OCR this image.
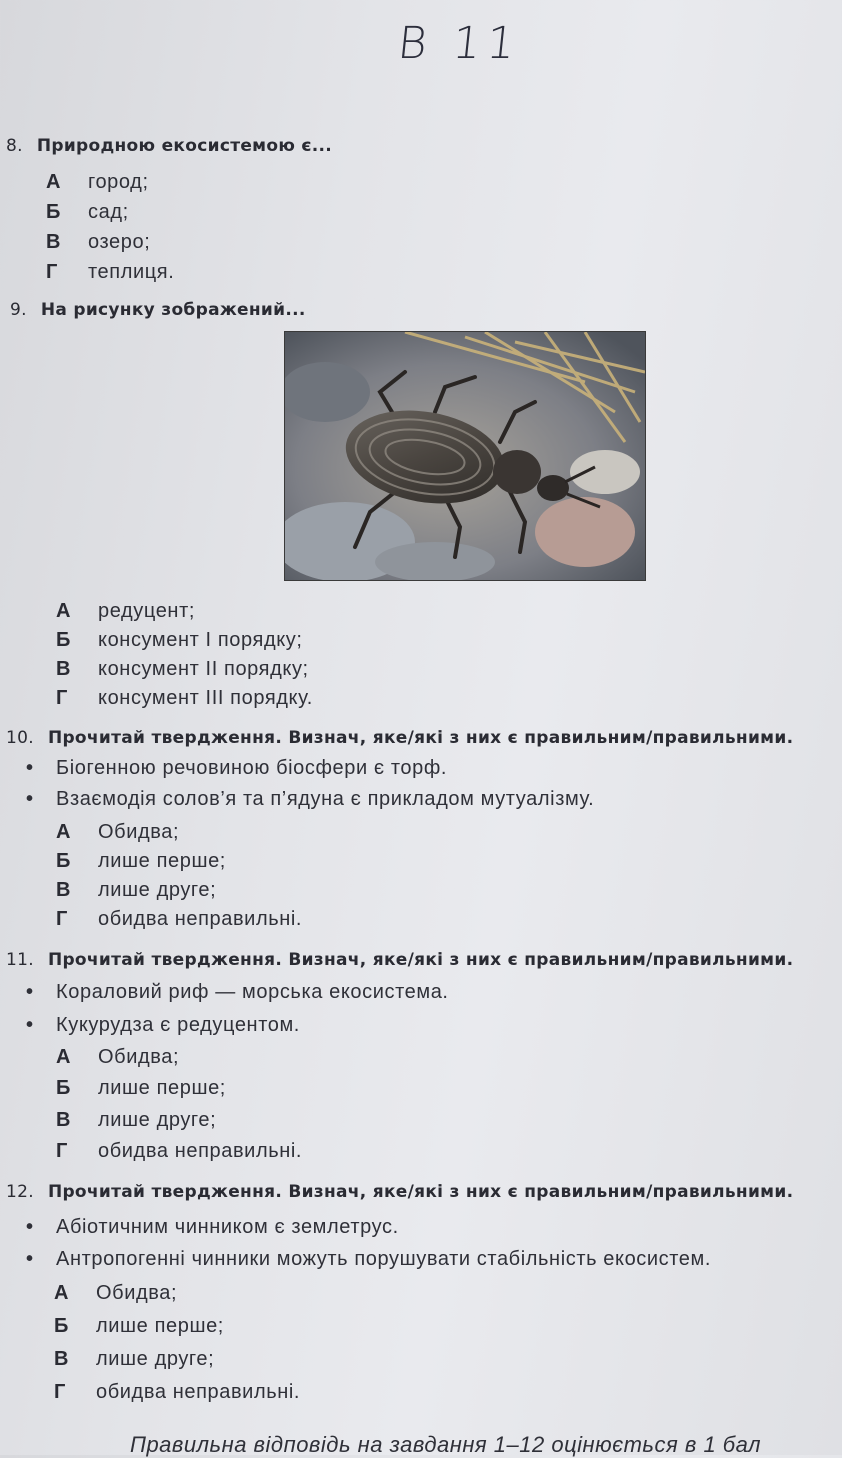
В 11
8. Природною екосистемою є...
А город;
Б сад;
В озеро;
Г теплиця.
9. На рисунку зображений...
А редуцент;
Б консумент І порядку;
В консумент ІІ порядку;
Г консумент ІІІ порядку.
10. Прочитай твердження. Визнач, яке/які з них є правильним/правильними.
• Біогенною речовиною біосфери є торф.
• Взаємодія солов’я та п’ядуна є прикладом мутуалізму.
А Обидва;
Б лише перше;
В лише друге;
Г обидва неправильні.
11. Прочитай твердження. Визнач, яке/які з них є правильним/правильними.
• Кораловий риф — морська екосистема.
• Кукурудза є редуцентом.
А Обидва;
Б лише перше;
В лише друге;
Г обидва неправильні.
12. Прочитай твердження. Визнач, яке/які з них є правильним/правильними.
• Абіотичним чинником є землетрус.
• Антропогенні чинники можуть порушувати стабільність екосистем.
А Обидва;
Б лише перше;
В лише друге;
Г обидва неправильні.
Правильна відповідь на завдання 1–12 оцінюється в 1 бал
